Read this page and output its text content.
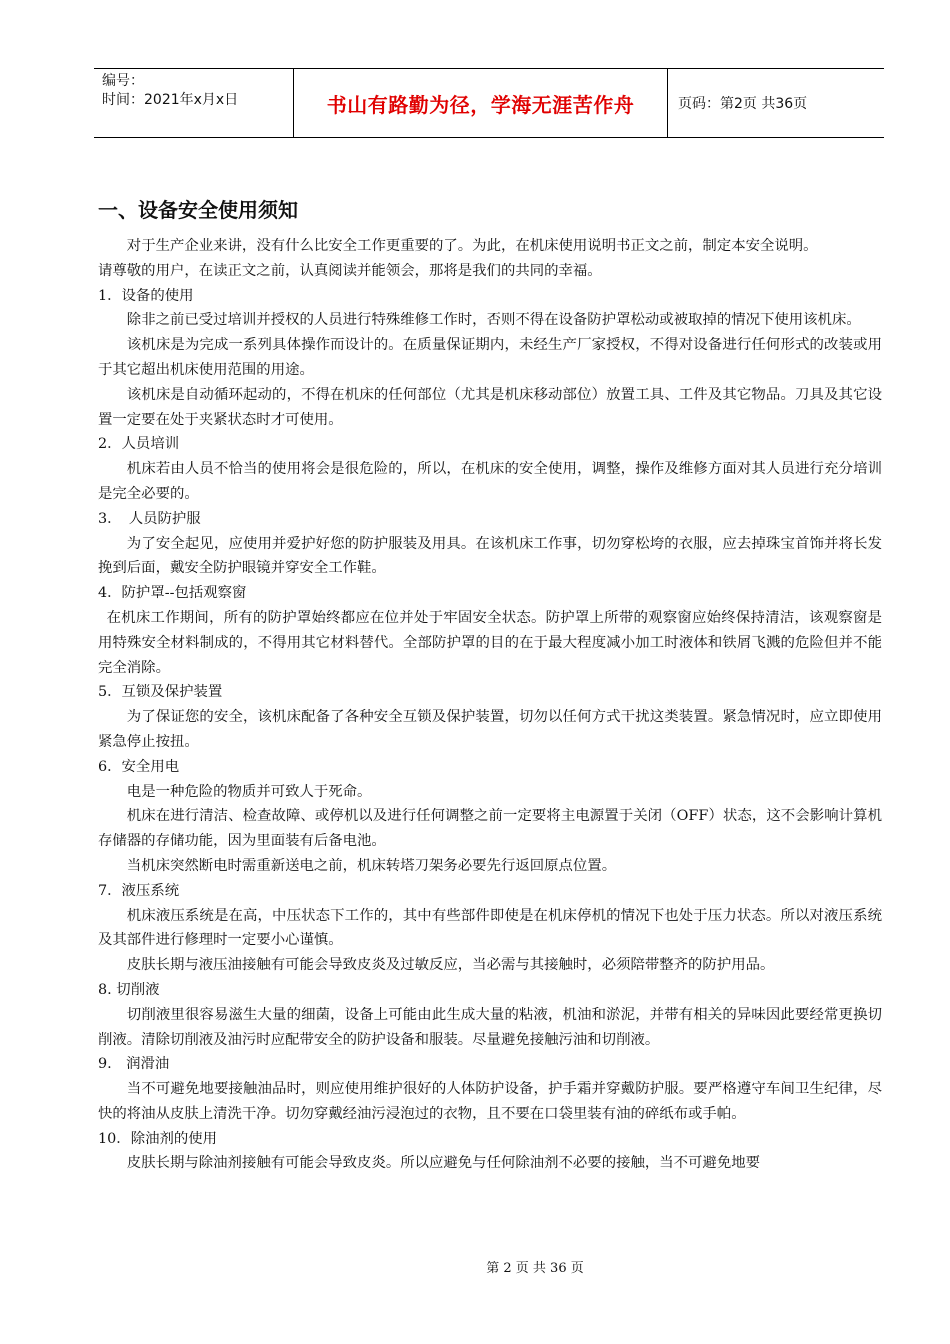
编号：
时间：2021年x月x日	书山有路勤为径，学海无涯苦作舟	页码：第2页 共36页
一、设备安全使用须知

对于生产企业来讲，没有什么比安全工作更重要的了。为此，在机床使用说明书正文之前，制定本安全说明。

请尊敬的用户，在读正文之前，认真阅读并能领会，那将是我们的共同的幸福。

1．设备的使用

除非之前已受过培训并授权的人员进行特殊维修工作时，否则不得在设备防护罩松动或被取掉的情况下使用该机床。

该机床是为完成一系列具体操作而设计的。在质量保证期内，未经生产厂家授权，不得对设备进行任何形式的改装或用于其它超出机床使用范围的用途。

该机床是自动循环起动的，不得在机床的任何部位（尤其是机床移动部位）放置工具、工件及其它物品。刀具及其它设置一定要在处于夹紧状态时才可使用。

2．人员培训

机床若由人员不恰当的使用将会是很危险的，所以，在机床的安全使用，调整，操作及维修方面对其人员进行充分培训是完全必要的。

3．　人员防护服

为了安全起见，应使用并爱护好您的防护服装及用具。在该机床工作事，切勿穿松垮的衣服，应去掉珠宝首饰并将长发挽到后面，戴安全防护眼镜并穿安全工作鞋。

4．防护罩--包括观察窗

在机床工作期间，所有的防护罩始终都应在位并处于牢固安全状态。防护罩上所带的观察窗应始终保持清洁，该观察窗是用特殊安全材料制成的，不得用其它材料替代。全部防护罩的目的在于最大程度减小加工时液体和铁屑飞溅的危险但并不能完全消除。

5．互锁及保护装置

为了保证您的安全，该机床配备了各种安全互锁及保护装置，切勿以任何方式干扰这类装置。紧急情况时，应立即使用紧急停止按扭。

6．安全用电

电是一种危险的物质并可致人于死命。

机床在进行清洁、检查故障、或停机以及进行任何调整之前一定要将主电源置于关闭（OFF）状态，这不会影响计算机存储器的存储功能，因为里面装有后备电池。

当机床突然断电时需重新送电之前，机床转塔刀架务必要先行返回原点位置。

7．液压系统

机床液压系统是在高，中压状态下工作的，其中有些部件即使是在机床停机的情况下也处于压力状态。所以对液压系统及其部件进行修理时一定要小心谨慎。

皮肤长期与液压油接触有可能会导致皮炎及过敏反应，当必需与其接触时，必须陪带整齐的防护用品。

8. 切削液

切削液里很容易滋生大量的细菌，设备上可能由此生成大量的粘液，机油和淤泥，并带有相关的异味因此要经常更换切削液。清除切削液及油污时应配带安全的防护设备和服装。尽量避免接触污油和切削液。

9.　润滑油

当不可避免地要接触油品时，则应使用维护很好的人体防护设备，护手霜并穿戴防护服。要严格遵守车间卫生纪律，尽快的将油从皮肤上清洗干净。切勿穿戴经油污浸泡过的衣物，且不要在口袋里装有油的碎纸布或手帕。

10．除油剂的使用

皮肤长期与除油剂接触有可能会导致皮炎。所以应避免与任何除油剂不必要的接触，当不可避免地要

第 2 页 共 36 页
